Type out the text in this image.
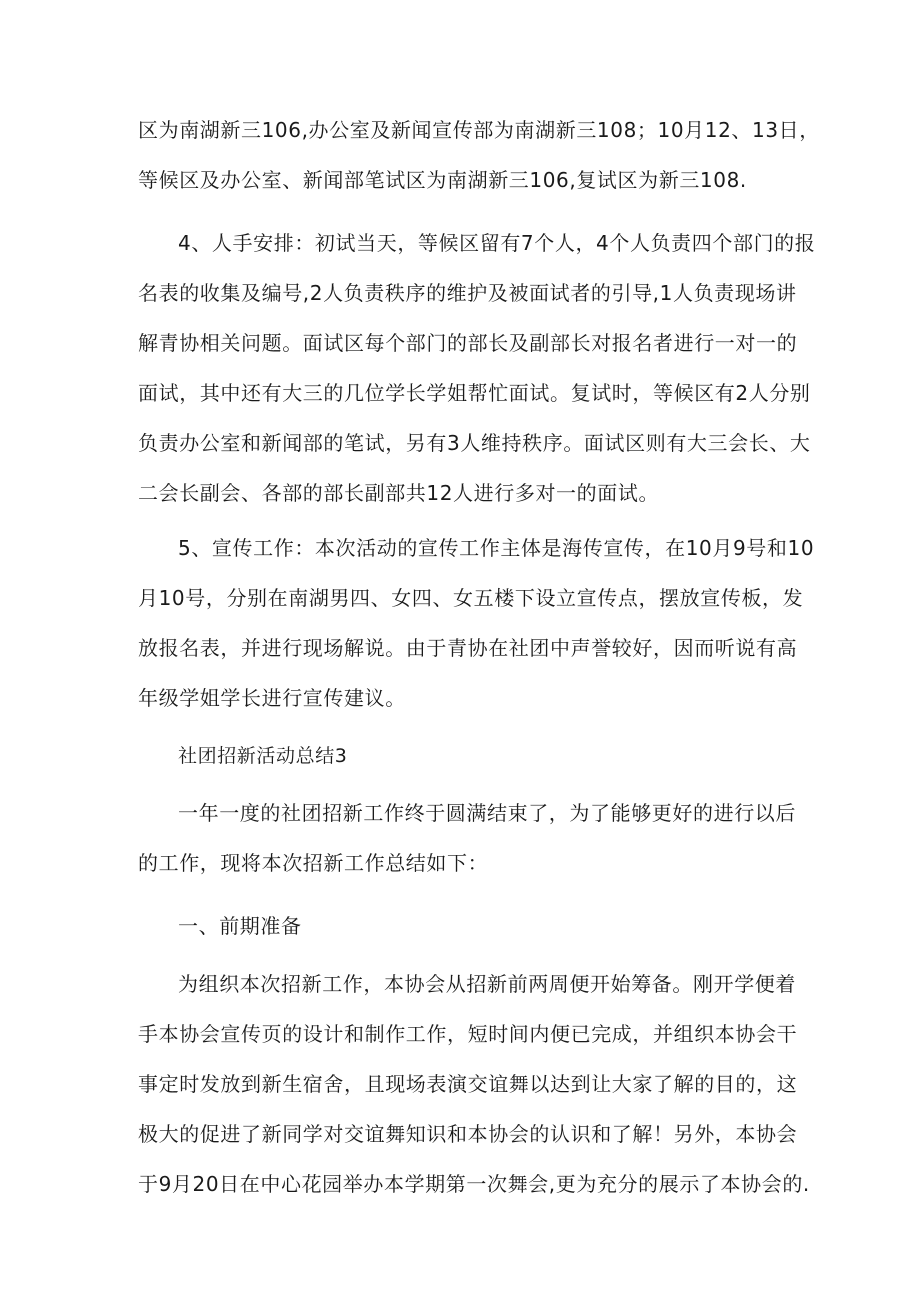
区为南湖新三106,办公室及新闻宣传部为南湖新三108；10月12、13日，
等候区及办公室、新闻部笔试区为南湖新三106,复试区为新三108.
4、人手安排：初试当天，等候区留有7个人，4个人负责四个部门的报
名表的收集及编号,2人负责秩序的维护及被面试者的引导,1人负责现场讲
解青协相关问题。面试区每个部门的部长及副部长对报名者进行一对一的
面试，其中还有大三的几位学长学姐帮忙面试。复试时，等候区有2人分别
负责办公室和新闻部的笔试，另有3人维持秩序。面试区则有大三会长、大
二会长副会、各部的部长副部共12人进行多对一的面试。
5、宣传工作：本次活动的宣传工作主体是海传宣传，在10月9号和10
月10号，分别在南湖男四、女四、女五楼下设立宣传点，摆放宣传板，发
放报名表，并进行现场解说。由于青协在社团中声誉较好，因而听说有高
年级学姐学长进行宣传建议。
社团招新活动总结3
一年一度的社团招新工作终于圆满结束了，为了能够更好的进行以后
的工作，现将本次招新工作总结如下：
一、前期准备
为组织本次招新工作，本协会从招新前两周便开始筹备。刚开学便着
手本协会宣传页的设计和制作工作，短时间内便已完成，并组织本协会干
事定时发放到新生宿舍，且现场表演交谊舞以达到让大家了解的目的，这
极大的促进了新同学对交谊舞知识和本协会的认识和了解！另外，本协会
于9月20日在中心花园举办本学期第一次舞会,更为充分的展示了本协会的.
